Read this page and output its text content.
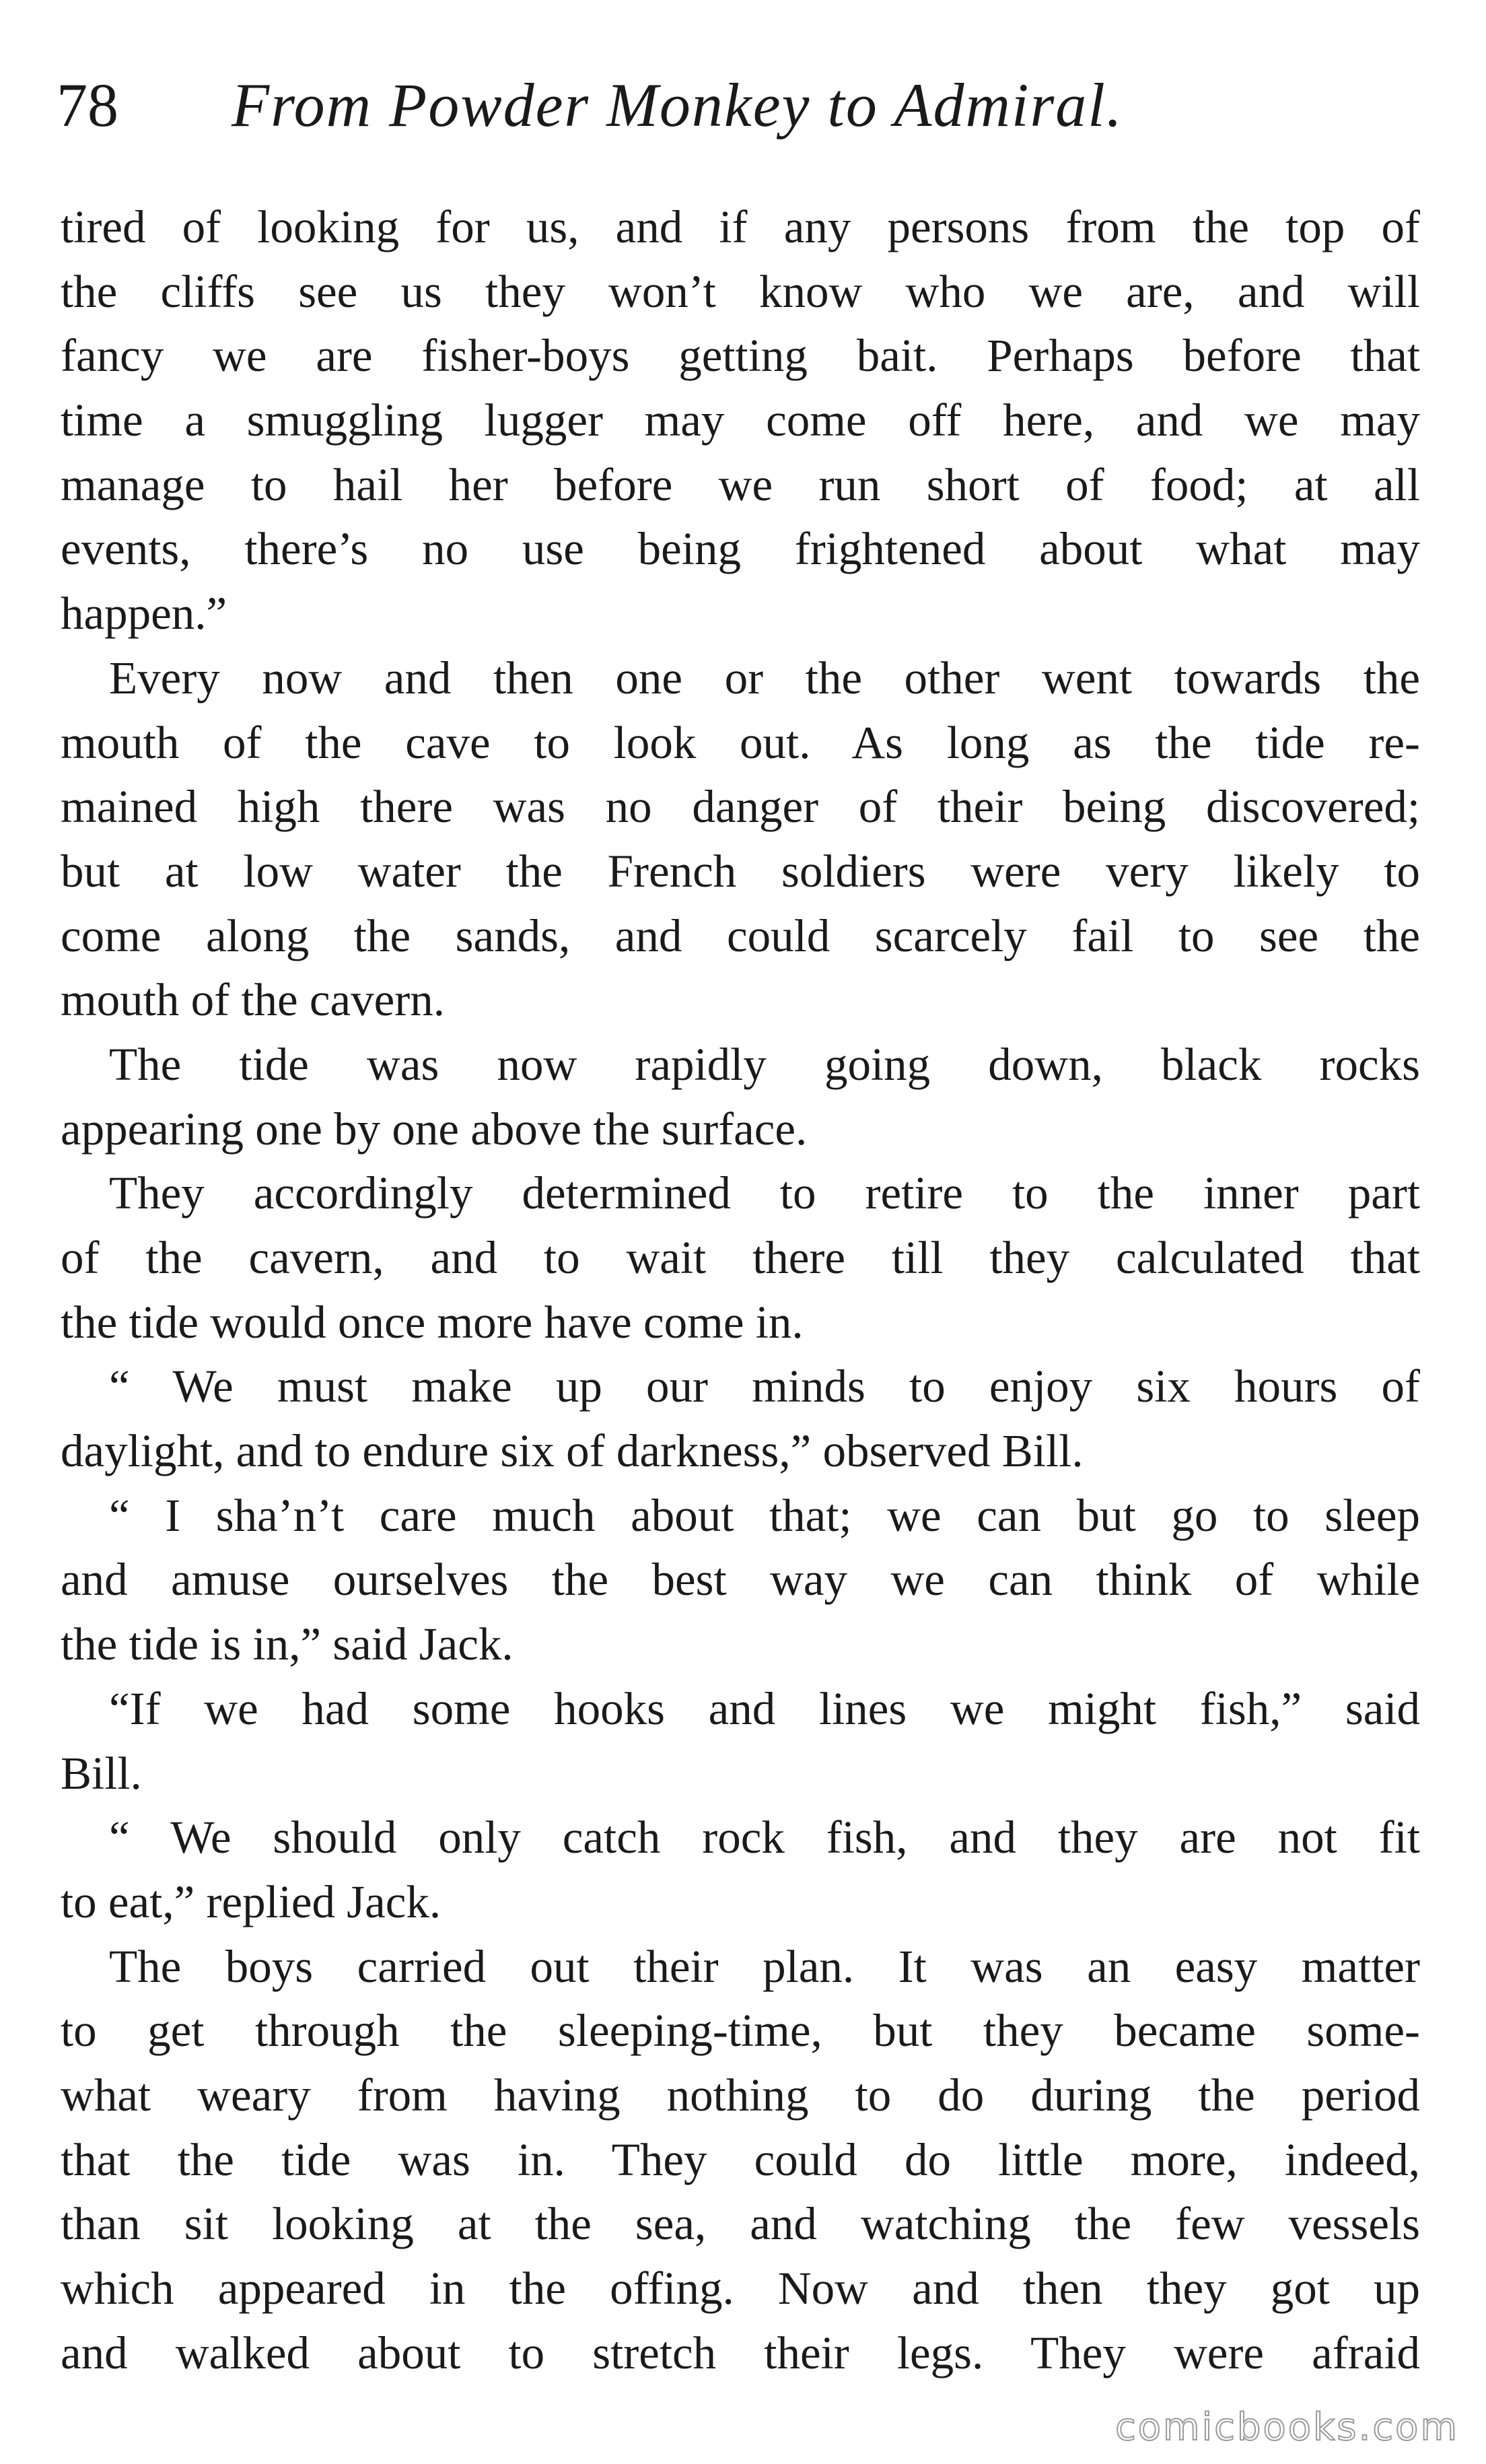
78 From Powder Monkey to Admiral.
tired of looking for us, and if any persons from the top of
the cliffs see us they won’t know who we are, and will
fancy we are fisher-boys getting bait. Perhaps before that
time a smuggling lugger may come off here, and we may
manage to hail her before we run short of food; at all
events, there’s no use being frightened about what may
happen.”
Every now and then one or the other went towards the
mouth of the cave to look out. As long as the tide re-
mained high there was no danger of their being discovered;
but at low water the French soldiers were very likely to
come along the sands, and could scarcely fail to see the
mouth of the cavern.
The tide was now rapidly going down, black rocks
appearing one by one above the surface.
They accordingly determined to retire to the inner part
of the cavern, and to wait there till they calculated that
the tide would once more have come in.
“ We must make up our minds to enjoy six hours of
daylight, and to endure six of darkness,” observed Bill.
“ I sha’n’t care much about that; we can but go to sleep
and amuse ourselves the best way we can think of while
the tide is in,” said Jack.
“If we had some hooks and lines we might fish,” said
Bill.
“ We should only catch rock fish, and they are not fit
to eat,” replied Jack.
The boys carried out their plan. It was an easy matter
to get through the sleeping-time, but they became some-
what weary from having nothing to do during the period
that the tide was in. They could do little more, indeed,
than sit looking at the sea, and watching the few vessels
which appeared in the offing. Now and then they got up
and walked about to stretch their legs. They were afraid
comicbooks.com
